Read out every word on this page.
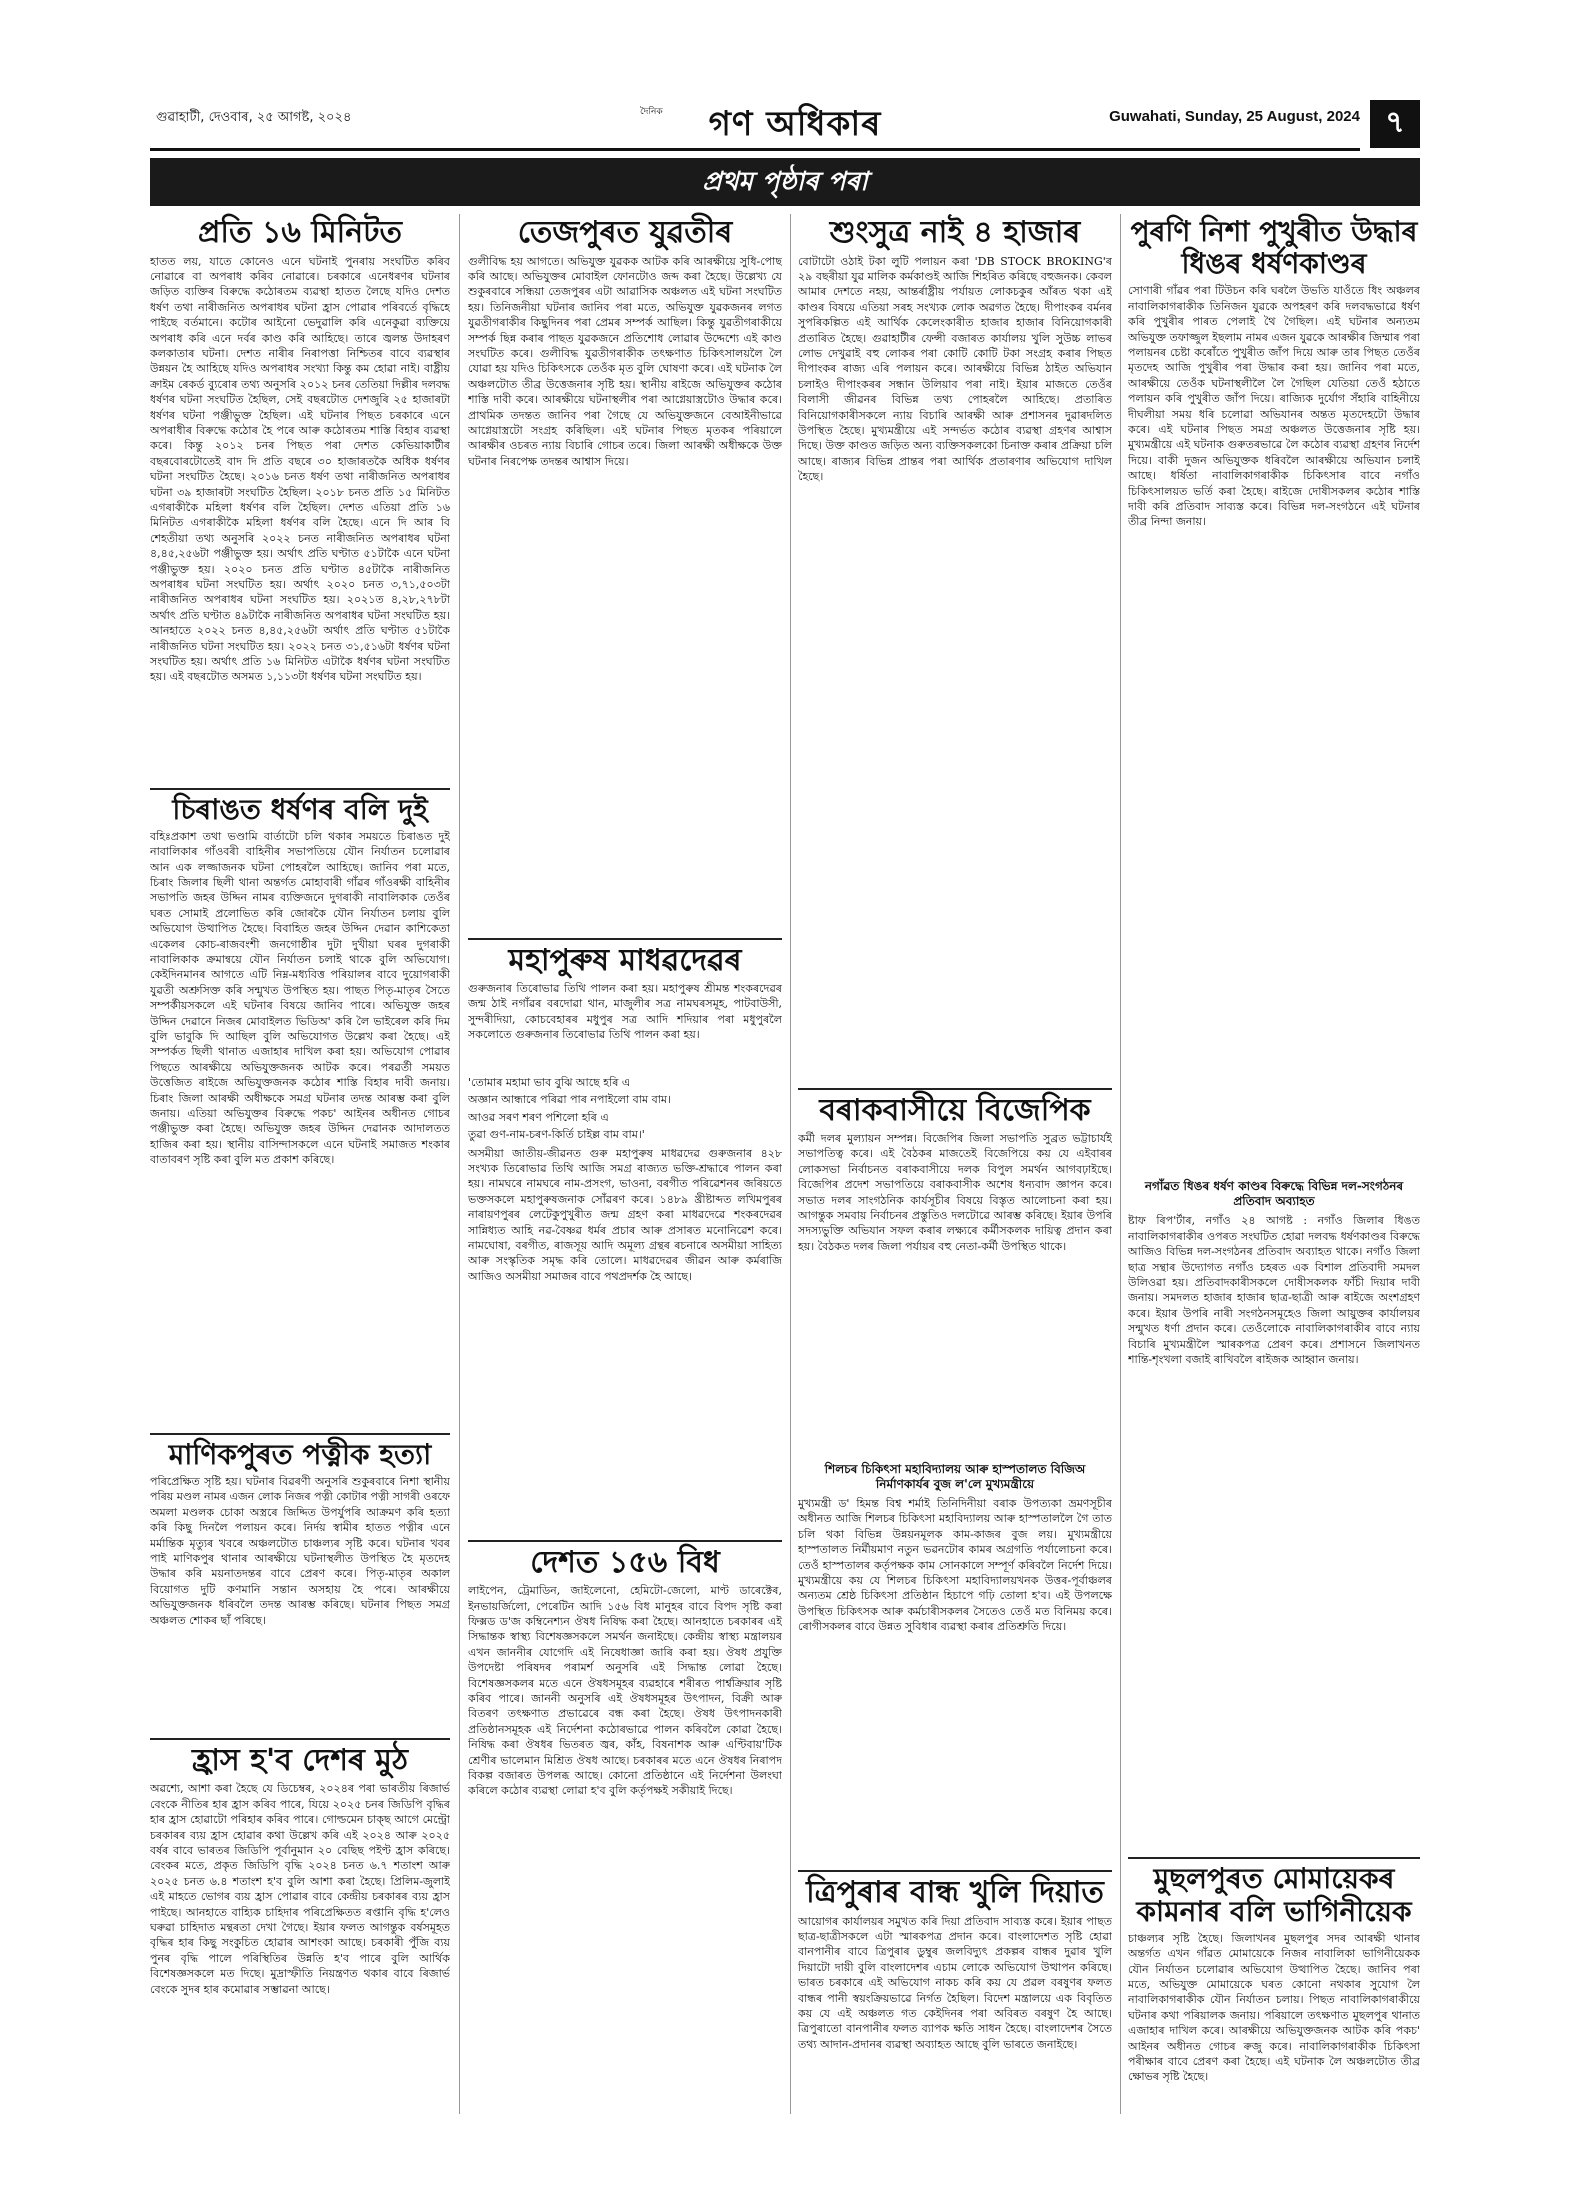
গুৱাহাটী, দেওবাৰ, ২৫ আগষ্ট, ২০২৪	দৈনিক গণ অধিকাৰ	Guwahati, Sunday, 25 August, 2024 ৭
প্ৰথম পৃষ্ঠাৰ পৰা
প্ৰতি ১৬ মিনিটত

হাতত লয়, যাতে কোনেও এনে ঘটনাই পুনৰায় সংঘটিত কৰিব নোৱাৰে বা অপৰাধ কৰিব নোৱাৰে। চৰকাৰে এনেধৰণৰ ঘটনাৰ জড়িত ব্যক্তিৰ বিৰুদ্ধে কঠোৰতম ব্যৱস্থা হাতত লৈছে যদিও দেশত ধৰ্ষণ তথা নাৰীজনিত অপৰাধৰ ঘটনা হ্ৰাস পোৱাৰ পৰিবৰ্তে বৃদ্ধিহে পাইছে বৰ্তমানে। কটোৰ আইনো ভেদুৱালি কৰি এনেকুৱা ব্যক্তিয়ে অপৰাধ কৰি এনে দৰ্বৰ কাণ্ড কৰি আহিছে। তাৰে জ্বলন্ত উদাহৰণ কলকাতাৰ ঘটনা। দেশত নাৰীৰ নিৰাপত্তা নিশ্চিতৰ বাবে ব্যৱস্থাৰ উন্নয়ন হৈ আহিছে যদিও অপৰাধৰ সংখ্যা কিন্তু কম হোৱা নাই। বাষ্ট্ৰীয় ক্ৰাইম ৰেকৰ্ড ব্যুৰোৰ তথ্য অনুসৰি ২০১২ চনৰ তেতিয়া দিল্লীৰ দলবদ্ধ ধৰ্ষণৰ ঘটনা সংঘটিত হৈছিল, সেই বছৰটোত দেশজুৰি ২৫ হাজাৰটা ধৰ্ষণৰ ঘটনা পঞ্জীভুক্ত হৈছিল। এই ঘটনাৰ পিছত চৰকাৰে এনে অপৰাধীৰ বিৰুদ্ধে কঠোৰ হৈ পৰে আৰু কঠোৰতম শাস্তি বিহাৰ ব্যৱস্থা কৰে। কিন্তু ২০১২ চনৰ পিছত পৰা দেশত কেভিয়াকাটীৰ বছৰবোৰটোতেই বাদ দি প্ৰতি বছৰে ৩০ হাজাৰতকৈ অধিক ধৰ্ষণৰ ঘটনা সংঘটিত হৈছে। ২০১৬ চনত ধৰ্ষণ তথা নাৰীজনিত অপৰাধৰ ঘটনা ৩৯ হাজাৰটা সংঘটিত হৈছিল। ২০১৮ চনত প্ৰতি ১৫ মিনিটত এগৰাকীকৈ মহিলা ধৰ্ষণৰ বলি হৈছিল। দেশত এতিয়া প্ৰতি ১৬ মিনিটত এগৰাকীকৈ মহিলা ধৰ্ষণৰ বলি হৈছে। এনে দি আৰ বি শেহতীয়া তথ্য অনুসৰি ২০২২ চনত নাৰীজনিত অপৰাধৰ ঘটনা ৪,৪৫,২৫৬টা পঞ্জীভুক্ত হয়। অৰ্থাৎ প্ৰতি ঘণ্টাত ৫১টাকৈ এনে ঘটনা পঞ্জীভুক্ত হয়। ২০২০ চনত প্ৰতি ঘণ্টাত ৪৫টাকৈ নাৰীজনিত অপৰাধৰ ঘটনা সংঘটিত হয়। অৰ্থাৎ ২০২০ চনত ৩,৭১,৫০৩টা নাৰীজনিত অপৰাধৰ ঘটনা সংঘটিত হয়। ২০২১ত ৪,২৮,২৭৮টা অৰ্থাৎ প্ৰতি ঘণ্টাত ৪৯টাকৈ নাৰীজনিত অপৰাধৰ ঘটনা সংঘটিত হয়। আনহাতে ২০২২ চনত ৪,৪৫,২৫৬টা অৰ্থাৎ প্ৰতি ঘণ্টাত ৫১টাকৈ নাৰীজনিত ঘটনা সংঘটিত হয়। ২০২২ চনত ৩১,৫১৬টা ধৰ্ষণৰ ঘটনা সংঘটিত হয়। অৰ্থাৎ প্ৰতি ১৬ মিনিটত এটাকৈ ধৰ্ষণৰ ঘটনা সংঘটিত হয়। এই বছৰটোত অসমত ১,১১৩টা ধৰ্ষণৰ ঘটনা সংঘটিত হয়।

চিৰাঙত ধৰ্ষণৰ বলি দুই

বহিঃপ্ৰকাশ তথা ভণ্ডামি বাৰ্তাটো চলি থকাৰ সময়তে চিৰাঙত দুই নাবালিকাৰ গাঁওবৰী বাহিনীৰ সভাপতিয়ে যৌন নিৰ্যাতন চলোৱাৰ আন এক লজ্জাজনক ঘটনা পোহৰলৈ আহিছে। জানিব পৰা মতে, চিৰাং জিলাৰ ছিলী থানা অন্তৰ্গত মোহাবাৰী গাঁৱৰ গাঁওৰক্ষী বাহিনীৰ সভাপতি জহৰ উদ্দিন নামৰ ব্যক্তিজনে দুগৰাকী নাবালিকাক তেওঁৰ ঘৰত সোমাই প্ৰলোভিত কৰি জোৰকৈ যৌন নিৰ্যাতন চলায় বুলি অভিযোগ উত্থাপিত হৈছে। বিবাহিত জহৰ উদ্দিন দেৱান কাশিকেতা একেলৰ কোচ-ৰাজবংশী জনগোষ্ঠীৰ দুটা দুখীয়া ঘৰৰ দুগৰাকী নাবালিকাক ক্ৰমান্বয়ে যৌন নিৰ্যাতন চলাই থাকে বুলি অভিযোগ। কেইদিনমানৰ আগতে এটি নিম্ন-মধ্যবিত্ত পৰিয়ালৰ বাবে দুয়োগৰাকী যুৱতী অশ্ৰুসিক্ত কৰি সন্মুখত উপস্থিত হয়। পাছত পিতৃ-মাতৃৰ সৈতে সম্পৰ্কীয়সকলে এই ঘটনাৰ বিষয়ে জানিব পাৰে। অভিযুক্ত জহৰ উদ্দিন দেৱানে নিজৰ মোবাইলত ভিডিঅ' কৰি লৈ ভাইৰেল কৰি দিম বুলি ভাবুকি দি আছিল বুলি অভিযোগত উল্লেখ কৰা হৈছে। এই সম্পৰ্কত ছিলী থানাত এজাহাৰ দাখিল কৰা হয়। অভিযোগ পোৱাৰ পিছতে আৰক্ষীয়ে অভিযুক্তজনক আটক কৰে। পৰৱৰ্তী সময়ত উত্তেজিত ৰাইজে অভিযুক্তজনক কঠোৰ শাস্তি বিহাৰ দাবী জনায়। চিৰাং জিলা আৰক্ষী অধীক্ষকে সমগ্ৰ ঘটনাৰ তদন্ত আৰম্ভ কৰা বুলি জনায়। এতিয়া অভিযুক্তৰ বিৰুদ্ধে পকচ' আইনৰ অধীনত গোচৰ পঞ্জীভুক্ত কৰা হৈছে। অভিযুক্ত জহৰ উদ্দিন দেৱানক আদালতত হাজিৰ কৰা হয়। স্থানীয় বাসিন্দাসকলে এনে ঘটনাই সমাজত শংকাৰ বাতাবৰণ সৃষ্টি কৰা বুলি মত প্ৰকাশ কৰিছে।

মাণিকপুৰত পত্নীক হত্যা

পৰিপ্ৰেক্ষিত সৃষ্টি হয়। ঘটনাৰ বিৱৰণী অনুসৰি শুকুৰবাৰে নিশা স্থানীয় পৰিয় মণ্ডল নামৰ এজন লোক নিজৰ পত্নী কোটাৰ পত্নী সাগৰী ওৰফে অমলা মণ্ডলক চোকা অস্ত্ৰৰে জিদ্দিত উপৰ্যুপৰি আক্ৰমণ কৰি হত্যা কৰি কিছু দিনলৈ পলায়ন কৰে। নিৰ্দয় স্বামীৰ হাতত পত্নীৰ এনে মৰ্মান্তিক মৃত্যুৰ খবৰে অঞ্চলটোত চাঞ্চল্যৰ সৃষ্টি কৰে। ঘটনাৰ খবৰ পাই মাণিকপুৰ থানাৰ আৰক্ষীয়ে ঘটনাস্থলীত উপস্থিত হৈ মৃতদেহ উদ্ধাৰ কৰি ময়নাতদন্তৰ বাবে প্ৰেৰণ কৰে। পিতৃ-মাতৃৰ অকাল বিয়োগত দুটি কণমানি সন্তান অসহায় হৈ পৰে। আৰক্ষীয়ে অভিযুক্তজনক ধৰিবলৈ তদন্ত আৰম্ভ কৰিছে। ঘটনাৰ পিছত সমগ্ৰ অঞ্চলত শোকৰ ছাঁ পৰিছে।

হ্ৰাস হ'ব দেশৰ মুঠ

অৱশ্যে, আশা কৰা হৈছে যে ডিচেম্বৰ, ২০২৪ৰ পৰা ভাৰতীয় ৰিজাৰ্ভ বেংকে নীতিৰ হাৰ হ্ৰাস কৰিব পাৰে, যিয়ে ২০২৫ চনৰ জিডিপি বৃদ্ধিৰ হাৰ হ্ৰাস হোৱাটো পৰিহাৰ কৰিব পাৰে। গোল্ডমেন চাক্‌ছ আগে মেন্ট্ৰো চৰকাৰৰ ব্যয় হ্ৰাস হোৱাৰ কথা উল্লেখ কৰি এই ২০২৪ আৰু ২০২৫ বৰ্ষৰ বাবে ভাৰতৰ জিডিপি পূৰ্বানুমান ২০ বেছিছ পইণ্ট হ্ৰাস কৰিছে। বেংকৰ মতে, প্ৰকৃত জিডিপি বৃদ্ধি ২০২৪ চনত ৬.৭ শতাংশ আৰু ২০২৫ চনত ৬.৪ শতাংশ হ'ব বুলি আশা কৰা হৈছে। প্ৰিলিম-জুলাই এই মাহতে ভোগৰ ব্যয় হ্ৰাস পোৱাৰ বাবে কেন্দ্ৰীয় চৰকাৰৰ ব্যয় হ্ৰাস পাইছে। আনহাতে বাহ্যিক চাহিদাৰ পৰিপ্ৰেক্ষিতত ৰপ্তানি বৃদ্ধি হ'লেও ঘৰুৱা চাহিদাত মন্থৰতা দেখা গৈছে। ইয়াৰ ফলত আগন্তুক বৰ্ষসমূহত বৃদ্ধিৰ হাৰ কিছু সংকুচিত হোৱাৰ আশংকা আছে। চৰকাৰী পুঁজি ব্যয় পুনৰ বৃদ্ধি পালে পৰিস্থিতিৰ উন্নতি হ'ব পাৰে বুলি আৰ্থিক বিশেষজ্ঞসকলে মত দিছে। মুদ্ৰাস্ফীতি নিয়ন্ত্ৰণত থকাৰ বাবে ৰিজাৰ্ভ বেংকে সুদৰ হাৰ কমোৱাৰ সম্ভাৱনা আছে।

তেজপুৰত যুৱতীৰ

গুলীবিদ্ধ হয় আগতে। অভিযুক্ত যুৱকক আটক কৰি আৰক্ষীয়ে সুধি-পোছ কৰি আছে। অভিযুক্তৰ মোবাইল ফোনটোও জব্দ কৰা হৈছে। উল্লেখ্য যে শুকুৰবাৰে সন্ধিয়া তেজপুৰৰ এটা আৱাসিক অঞ্চলত এই ঘটনা সংঘটিত হয়। তিনিজনীয়া ঘটনাৰ জানিব পৰা মতে, অভিযুক্ত যুৱকজনৰ লগত যুৱতীগৰাকীৰ কিছুদিনৰ পৰা প্ৰেমৰ সম্পৰ্ক আছিল। কিন্তু যুৱতীগৰাকীয়ে সম্পৰ্ক ছিন্ন কৰাৰ পাছত যুৱকজনে প্ৰতিশোধ লোৱাৰ উদ্দেশ্যে এই কাণ্ড সংঘটিত কৰে। গুলীবিদ্ধ যুৱতীগৰাকীক তৎক্ষণাত চিকিৎসালয়লৈ লৈ যোৱা হয় যদিও চিকিৎসকে তেওঁক মৃত বুলি ঘোষণা কৰে। এই ঘটনাক লৈ অঞ্চলটোত তীব্ৰ উত্তেজনাৰ সৃষ্টি হয়। স্থানীয় ৰাইজে অভিযুক্তৰ কঠোৰ শাস্তি দাবী কৰে। আৰক্ষীয়ে ঘটনাস্থলীৰ পৰা আগ্নেয়াস্ত্ৰটোও উদ্ধাৰ কৰে। প্ৰাথমিক তদন্তত জানিব পৰা গৈছে যে অভিযুক্তজনে বেআইনীভাৱে আগ্নেয়াস্ত্ৰটো সংগ্ৰহ কৰিছিল। এই ঘটনাৰ পিছত মৃতকৰ পৰিয়ালে আৰক্ষীৰ ওচৰত ন্যায় বিচাৰি গোচৰ তৰে। জিলা আৰক্ষী অধীক্ষকে উক্ত ঘটনাৰ নিৰপেক্ষ তদন্তৰ আশ্বাস দিয়ে।

মহাপুৰুষ মাধৱদেৱৰ

গুৰুজনাৰ তিৰোভাৱ তিথি পালন কৰা হয়। মহাপুৰুষ শ্ৰীমন্ত শংকৰদেৱৰ জন্ম ঠাই নগাঁৱৰ বৰদোৱা থান, মাজুলীৰ সত্ৰ নামঘৰসমূহ, পাটবাউসী, সুন্দৰীদিয়া, কোচবেহাৰৰ মধুপুৰ সত্ৰ আদি শদিয়াৰ পৰা মধুপুৰলৈ সকলোতে গুৰুজনাৰ তিৰোভাৱ তিথি পালন কৰা হয়।

'তোমাৰ মহামা ভাব বুঝি আছে হৰি এ

অজ্ঞান আন্ধাৰে পৰিৱা পাৰ নপাইলো বাম বাম।

আওৱ সৰণ শৰণ পশিলো হৰি এ

তুৱা গুণ-নাম-চৰণ-কিৰ্তি চাইল্ল বাম বাম।'

অসমীয়া জাতীয়-জীৱনত গুৰু মহাপুৰুষ মাধৱদেৱ গুৰুজনাৰ ৪২৮ সংখ্যক তিৰোভাৱ তিথি আজি সমগ্ৰ ৰাজ্যত ভক্তি-শ্ৰদ্ধাৰে পালন কৰা হয়। নামঘৰে নামঘৰে নাম-প্ৰসংগ, ভাওনা, বৰগীত পৰিৱেশনৰ জৰিয়তে ভক্তসকলে মহাপুৰুষজনাক সোঁৱৰণ কৰে। ১৪৮৯ খ্ৰীষ্টাব্দত লখিমপুৰৰ নাৰায়ণপুৰৰ লেটেকুপুখুৰীত জন্ম গ্ৰহণ কৰা মাধৱদেৱে শংকৰদেৱৰ সান্নিধ্যত আহি নৱ-বৈষ্ণৱ ধৰ্মৰ প্ৰচাৰ আৰু প্ৰসাৰত মনোনিৱেশ কৰে। নামঘোষা, বৰগীত, ৰাজসূয় আদি অমূল্য গ্ৰন্থৰ ৰচনাৰে অসমীয়া সাহিত্য আৰু সংস্কৃতিক সমৃদ্ধ কৰি তোলে। মাধৱদেৱৰ জীৱন আৰু কৰ্মৰাজি আজিও অসমীয়া সমাজৰ বাবে পথপ্ৰদৰ্শক হৈ আছে।

দেশত ১৫৬ বিধ

লাইপেন, ট্ৰেমাডিন, জাইলেনো, হেমিটো-জেলো, মাণ্ট ডাৰেক্টেৰ, ইনভায়ৰ্জিলো, পেৰেটিন আদি ১৫৬ বিধ মানুহৰ বাবে বিপদ সৃষ্টি কৰা ফিক্সড ড'জ কম্বিনেশ্যন ঔষধ নিষিদ্ধ কৰা হৈছে। আনহাতে চৰকাৰৰ এই সিদ্ধান্তক স্বাস্থ্য বিশেষজ্ঞসকলে সমৰ্থন জনাইছে। কেন্দ্ৰীয় স্বাস্থ্য মন্ত্ৰালয়ৰ এখন জাননীৰ যোগেদি এই নিষেধাজ্ঞা জাৰি কৰা হয়। ঔষধ প্ৰযুক্তি উপদেষ্টা পৰিষদৰ পৰামৰ্শ অনুসৰি এই সিদ্ধান্ত লোৱা হৈছে। বিশেষজ্ঞসকলৰ মতে এনে ঔষধসমূহৰ ব্যৱহাৰে শৰীৰত পাৰ্শ্বক্ৰিয়াৰ সৃষ্টি কৰিব পাৰে। জাননী অনুসৰি এই ঔষধসমূহৰ উৎপাদন, বিক্ৰী আৰু বিতৰণ তৎক্ষণাত প্ৰভাৱেৰে বন্ধ কৰা হৈছে। ঔষধ উৎপাদনকাৰী প্ৰতিষ্ঠানসমূহক এই নিৰ্দেশনা কঠোৰভাৱে পালন কৰিবলৈ কোৱা হৈছে। নিষিদ্ধ কৰা ঔষধৰ ভিতৰত জ্বৰ, কাঁহ, বিষনাশক আৰু এণ্টিবায়'টিক শ্ৰেণীৰ ভালেমান মিশ্ৰিত ঔষধ আছে। চৰকাৰৰ মতে এনে ঔষধৰ নিৰাপদ বিকল্প বজাৰত উপলব্ধ আছে। কোনো প্ৰতিষ্ঠানে এই নিৰ্দেশনা উলংঘা কৰিলে কঠোৰ ব্যৱস্থা লোৱা হ'ব বুলি কৰ্তৃপক্ষই সকীয়াই দিছে।

শুংসুত্ৰ নাই ৪ হাজাৰ

বোটাটো ওঠাই টকা লুটি পলায়ন কৰা 'DB STOCK BROKING'ৰ ২৯ বছৰীয়া যুৱ মালিক কৰ্মকাণ্ডই আজি শিহৰিত কৰিছে বহুজনক। কেবল আমাৰ দেশতে নহয়, আন্তৰ্ৰাষ্ট্ৰীয় পৰ্যায়ত লোকচকুৰ আঁৰত থকা এই কাণ্ডৰ বিষয়ে এতিয়া সৰহ সংখ্যক লোক অৱগত হৈছে। দীপাংকৰ বৰ্মনৰ সুপৰিকল্পিত এই আৰ্থিক কেলেংকাৰীত হাজাৰ হাজাৰ বিনিয়োগকাৰী প্ৰতাৰিত হৈছে। গুৱাহাটীৰ ফেন্সী বজাৰত কাৰ্যালয় খুলি সুউচ্চ লাভৰ লোভ দেখুৱাই বহু লোকৰ পৰা কোটি কোটি টকা সংগ্ৰহ কৰাৰ পিছত দীপাংকৰ ৰাজ্য এৰি পলায়ন কৰে। আৰক্ষীয়ে বিভিন্ন ঠাইত অভিযান চলাইও দীপাংকৰৰ সন্ধান উলিয়াব পৰা নাই। ইয়াৰ মাজতে তেওঁৰ বিলাসী জীৱনৰ বিভিন্ন তথ্য পোহৰলৈ আহিছে। প্ৰতাৰিত বিনিয়োগকাৰীসকলে ন্যায় বিচাৰি আৰক্ষী আৰু প্ৰশাসনৰ দুৱাৰদলিত উপস্থিত হৈছে। মুখ্যমন্ত্ৰীয়ে এই সন্দৰ্ভত কঠোৰ ব্যৱস্থা গ্ৰহণৰ আশ্বাস দিছে। উক্ত কাণ্ডত জড়িত অন্য ব্যক্তিসকলকো চিনাক্ত কৰাৰ প্ৰক্ৰিয়া চলি আছে। ৰাজ্যৰ বিভিন্ন প্ৰান্তৰ পৰা আৰ্থিক প্ৰতাৰণাৰ অভিযোগ দাখিল হৈছে।

বৰাকবাসীয়ে বিজেপিক

কৰ্মী দলৰ মুল্যায়ন সম্পন্ন। বিজেপিৰ জিলা সভাপতি সুব্ৰত ভট্টাচাৰ্যই সভাপতিত্ব কৰে। এই বৈঠকৰ মাজতেই বিজেপিয়ে কয় যে এইবাৰৰ লোকসভা নিৰ্বাচনত বৰাকবাসীয়ে দলক বিপুল সমৰ্থন আগবঢ়াইছে। বিজেপিৰ প্ৰদেশ সভাপতিয়ে বৰাকবাসীক অশেষ ধন্যবাদ জ্ঞাপন কৰে। সভাত দলৰ সাংগঠনিক কাৰ্যসূচীৰ বিষয়ে বিস্তৃত আলোচনা কৰা হয়। আগন্তুক সমবায় নিৰ্বাচনৰ প্ৰস্তুতিও দলটোৱে আৰম্ভ কৰিছে। ইয়াৰ উপৰি সদস্যভুক্তি অভিযান সফল কৰাৰ লক্ষ্যৰে কৰ্মীসকলক দায়িত্ব প্ৰদান কৰা হয়। বৈঠকত দলৰ জিলা পৰ্যায়ৰ বহু নেতা-কৰ্মী উপস্থিত থাকে।

শিলচৰ চিকিৎসা মহাবিদ্যালয় আৰু হাস্পতালত বিজিঅ নিৰ্মাণকাৰ্যৰ বুজ ল'লে মুখ্যমন্ত্ৰীয়ে

মুখ্যমন্ত্ৰী ড' হিমন্ত বিশ্ব শৰ্মাই তিনিদিনীয়া বৰাক উপত্যকা ভ্ৰমণসূচীৰ অধীনত আজি শিলচৰ চিকিৎসা মহাবিদ্যালয় আৰু হাস্পতাললৈ গৈ তাত চলি থকা বিভিন্ন উন্নয়নমূলক কাম-কাজৰ বুজ লয়। মুখ্যমন্ত্ৰীয়ে হাস্পতালত নিৰ্মীয়মাণ নতুন ভৱনটোৰ কামৰ অগ্ৰগতি পৰ্যালোচনা কৰে। তেওঁ হাস্পতালৰ কৰ্তৃপক্ষক কাম সোনকালে সম্পূৰ্ণ কৰিবলৈ নিৰ্দেশ দিয়ে। মুখ্যমন্ত্ৰীয়ে কয় যে শিলচৰ চিকিৎসা মহাবিদ্যালয়খনক উত্তৰ-পূৰ্বাঞ্চলৰ অন্যতম শ্ৰেষ্ঠ চিকিৎসা প্ৰতিষ্ঠান হিচাপে গঢ়ি তোলা হ'ব। এই উপলক্ষে উপস্থিত চিকিৎসক আৰু কৰ্মচাৰীসকলৰ সৈতেও তেওঁ মত বিনিময় কৰে। ৰোগীসকলৰ বাবে উন্নত সুবিধাৰ ব্যৱস্থা কৰাৰ প্ৰতিশ্ৰুতি দিয়ে।

ত্ৰিপুৰাৰ বান্ধ খুলি দিয়াত

আয়োগৰ কাৰ্যালয়ৰ সমুখত কৰি দিয়া প্ৰতিবাদ সাব্যস্ত কৰে। ইয়াৰ পাছত ছাত্ৰ-ছাত্ৰীসকলে এটা স্মাৰকপত্ৰ প্ৰদান কৰে। বাংলাদেশত সৃষ্টি হোৱা বানপানীৰ বাবে ত্ৰিপুৰাৰ ডুম্বুৰ জলবিদ্যুৎ প্ৰকল্পৰ বান্ধৰ দুৱাৰ খুলি দিয়াটো দায়ী বুলি বাংলাদেশৰ এচাম লোকে অভিযোগ উত্থাপন কৰিছে। ভাৰত চৰকাৰে এই অভিযোগ নাকচ কৰি কয় যে প্ৰৱল বৰষুণৰ ফলত বান্ধৰ পানী স্বয়ংক্ৰিয়ভাৱে নিৰ্গত হৈছিল। বিদেশ মন্ত্ৰালয়ে এক বিবৃতিত কয় যে এই অঞ্চলত গত কেইদিনৰ পৰা অবিৰত বৰষুণ হৈ আছে। ত্ৰিপুৰাতো বানপানীৰ ফলত ব্যাপক ক্ষতি সাধন হৈছে। বাংলাদেশৰ সৈতে তথ্য আদান-প্ৰদানৰ ব্যৱস্থা অব্যাহত আছে বুলি ভাৰতে জনাইছে।

পুৰণি নিশা পুখুৰীত উদ্ধাৰ ধিঙৰ ধৰ্ষণকাণ্ডৰ

সোণাৰী গাঁৱৰ পৰা টিউচন কৰি ঘৰলৈ উভতি যাওঁতে ধিং অঞ্চলৰ নাবালিকাগৰাকীক তিনিজন যুৱকে অপহৰণ কৰি দলবদ্ধভাৱে ধৰ্ষণ কৰি পুখুৰীৰ পাৰত পেলাই থৈ গৈছিল। এই ঘটনাৰ অন্যতম অভিযুক্ত তফাজ্জুল ইছলাম নামৰ এজন যুৱকে আৰক্ষীৰ জিম্মাৰ পৰা পলায়নৰ চেষ্টা কৰোঁতে পুখুৰীত জাঁপ দিয়ে আৰু তাৰ পিছত তেওঁৰ মৃতদেহ আজি পুখুৰীৰ পৰা উদ্ধাৰ কৰা হয়। জানিব পৰা মতে, আৰক্ষীয়ে তেওঁক ঘটনাস্থলীলৈ লৈ গৈছিল যেতিয়া তেওঁ হঠাতে পলায়ন কৰি পুখুৰীত জাঁপ দিয়ে। ৰাজ্যিক দুৰ্যোগ সঁহাৰি বাহিনীয়ে দীঘলীয়া সময় ধৰি চলোৱা অভিযানৰ অন্তত মৃতদেহটো উদ্ধাৰ কৰে। এই ঘটনাৰ পিছত সমগ্ৰ অঞ্চলত উত্তেজনাৰ সৃষ্টি হয়। মুখ্যমন্ত্ৰীয়ে এই ঘটনাক গুৰুতৰভাৱে লৈ কঠোৰ ব্যৱস্থা গ্ৰহণৰ নিৰ্দেশ দিয়ে। বাকী দুজন অভিযুক্তক ধৰিবলৈ আৰক্ষীয়ে অভিযান চলাই আছে। ধৰ্ষিতা নাবালিকাগৰাকীক চিকিৎসাৰ বাবে নগাঁও চিকিৎসালয়ত ভৰ্তি কৰা হৈছে। ৰাইজে দোষীসকলৰ কঠোৰ শাস্তি দাবী কৰি প্ৰতিবাদ সাব্যস্ত কৰে। বিভিন্ন দল-সংগঠনে এই ঘটনাৰ তীব্ৰ নিন্দা জনায়।

নগাঁৱত ধিঙৰ ধৰ্ষণ কাণ্ডৰ বিৰুদ্ধে বিভিন্ন দল-সংগঠনৰ প্ৰতিবাদ অব্যাহত

ষ্টাফ ৰিপ'ৰ্টাৰ, নগাঁও ২৪ আগষ্ট : নগাঁও জিলাৰ ধিঙত নাবালিকাগৰাকীৰ ওপৰত সংঘটিত হোৱা দলবদ্ধ ধৰ্ষণকাণ্ডৰ বিৰুদ্ধে আজিও বিভিন্ন দল-সংগঠনৰ প্ৰতিবাদ অব্যাহত থাকে। নগাঁও জিলা ছাত্ৰ সন্থাৰ উদ্যোগত নগাঁও চহৰত এক বিশাল প্ৰতিবাদী সমদল উলিওৱা হয়। প্ৰতিবাদকাৰীসকলে দোষীসকলক ফাঁচী দিয়াৰ দাবী জনায়। সমদলত হাজাৰ হাজাৰ ছাত্ৰ-ছাত্ৰী আৰু ৰাইজে অংশগ্ৰহণ কৰে। ইয়াৰ উপৰি নাৰী সংগঠনসমূহেও জিলা আয়ুক্তৰ কাৰ্যালয়ৰ সন্মুখত ধৰ্ণা প্ৰদান কৰে। তেওঁলোকে নাবালিকাগৰাকীৰ বাবে ন্যায় বিচাৰি মুখ্যমন্ত্ৰীলৈ স্মাৰকপত্ৰ প্ৰেৰণ কৰে। প্ৰশাসনে জিলাখনত শান্তি-শৃংখলা বজাই ৰাখিবলৈ ৰাইজক আহ্বান জনায়।

মুছলপুৰত মোমায়েকৰ কামনাৰ বলি ভাগিনীয়েক

চাঞ্চল্যৰ সৃষ্টি হৈছে। জিলাখনৰ মুছলপুৰ সদৰ আৰক্ষী থানাৰ অন্তৰ্গত এখন গাঁৱত মোমায়েকে নিজৰ নাবালিকা ভাগিনীয়েকক যৌন নিৰ্যাতন চলোৱাৰ অভিযোগ উত্থাপিত হৈছে। জানিব পৰা মতে, অভিযুক্ত মোমায়েকে ঘৰত কোনো নথকাৰ সুযোগ লৈ নাবালিকাগৰাকীক যৌন নিৰ্যাতন চলায়। পিছত নাবালিকাগৰাকীয়ে ঘটনাৰ কথা পৰিয়ালক জনায়। পৰিয়ালে তৎক্ষণাত মুছলপুৰ থানাত এজাহাৰ দাখিল কৰে। আৰক্ষীয়ে অভিযুক্তজনক আটক কৰি পকচ' আইনৰ অধীনত গোচৰ ৰুজু কৰে। নাবালিকাগৰাকীক চিকিৎসা পৰীক্ষাৰ বাবে প্ৰেৰণ কৰা হৈছে। এই ঘটনাক লৈ অঞ্চলটোত তীব্ৰ ক্ষোভৰ সৃষ্টি হৈছে।
